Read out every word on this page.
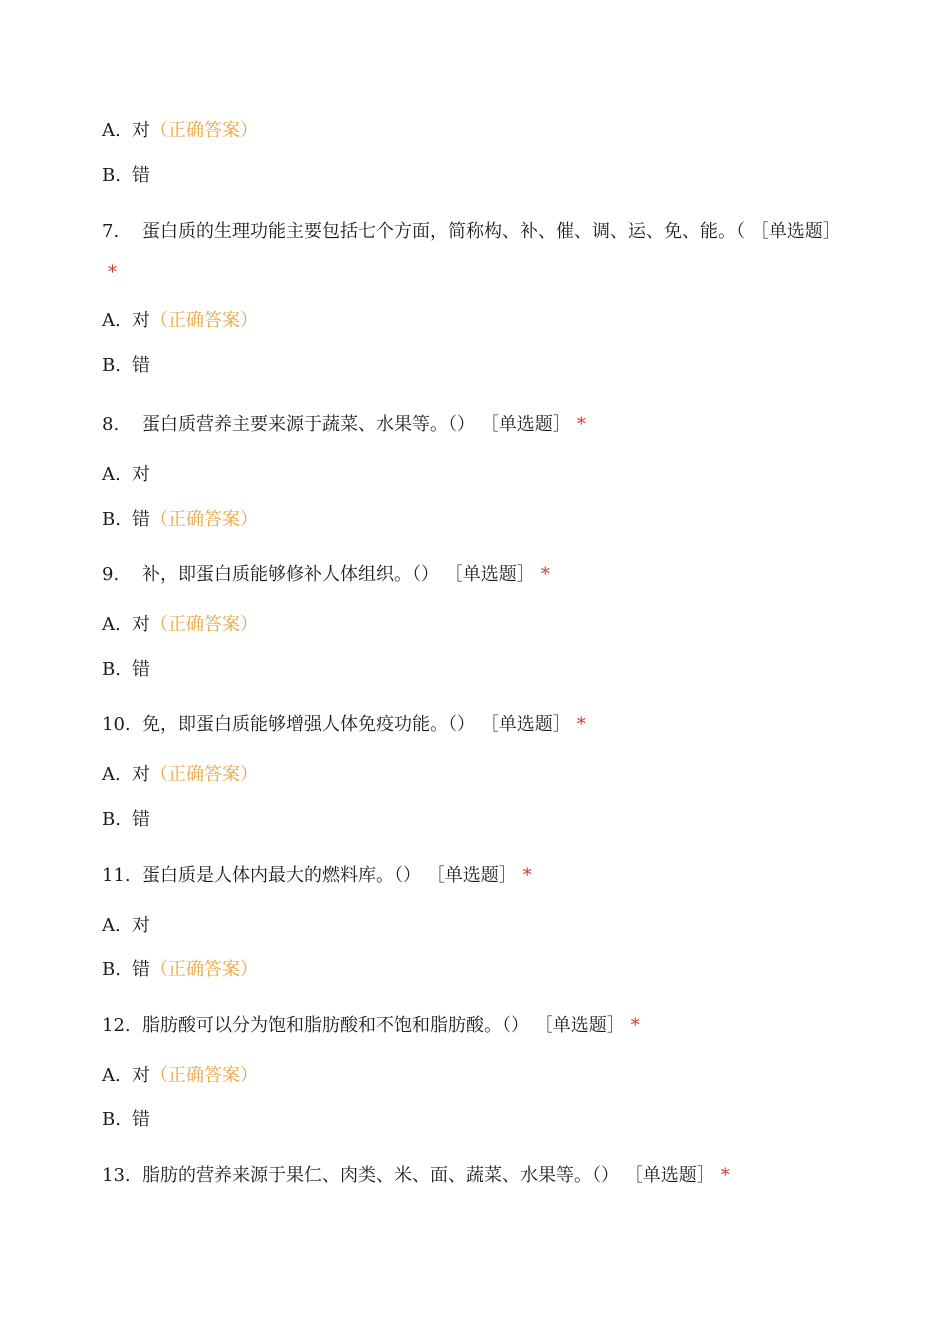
A. 对（正确答案）
B. 错
7. 蛋白质的生理功能主要包括七个方面，简称构、补、催、调、运、免、能。（ ［单选题］*
A. 对（正确答案）
B. 错
8. 蛋白质营养主要来源于蔬菜、水果等。（） ［单选题］ *
A. 对
B. 错（正确答案）
9. 补，即蛋白质能够修补人体组织。（） ［单选题］ *
A. 对（正确答案）
B. 错
10. 免，即蛋白质能够增强人体免疫功能。（） ［单选题］ *
A. 对（正确答案）
B. 错
11. 蛋白质是人体内最大的燃料库。（） ［单选题］ *
A. 对
B. 错（正确答案）
12. 脂肪酸可以分为饱和脂肪酸和不饱和脂肪酸。（） ［单选题］ *
A. 对（正确答案）
B. 错
13. 脂肪的营养来源于果仁、肉类、米、面、蔬菜、水果等。（） ［单选题］ *
